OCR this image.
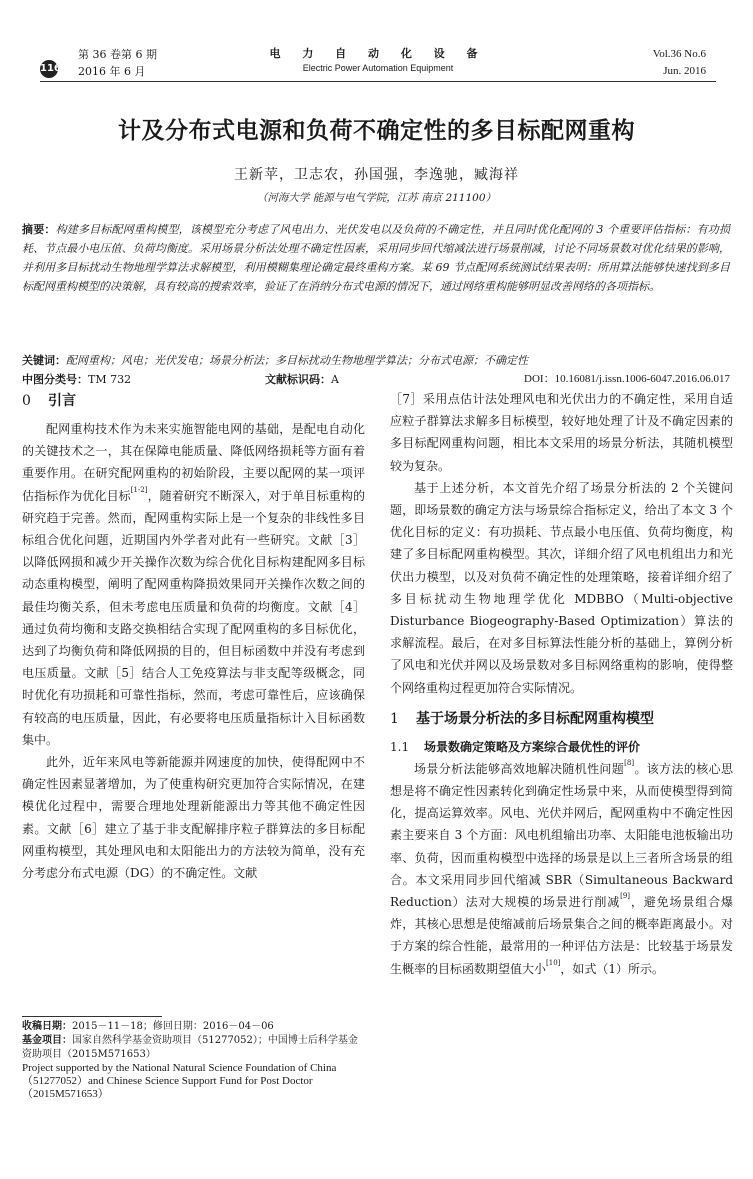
116
第 36 卷第 6 期
2016 年 6 月
电 力 自 动 化 设 备
Electric Power Automation Equipment
Vol.36 No.6
Jun. 2016
计及分布式电源和负荷不确定性的多目标配网重构
王新苹，卫志农，孙国强，李逸驰，臧海祥
（河海大学 能源与电气学院，江苏 南京 211100）
摘要：构建多目标配网重构模型，该模型充分考虑了风电出力、光伏发电以及负荷的不确定性，并且同时优化配网的 3 个重要评估指标：有功损耗、节点最小电压值、负荷均衡度。采用场景分析法处理不确定性因素，采用同步回代缩减法进行场景削减，讨论不同场景数对优化结果的影响，并利用多目标扰动生物地理学算法求解模型，利用模糊集理论确定最终重构方案。某 69 节点配网系统测试结果表明：所用算法能够快速找到多目标配网重构模型的决策解，具有较高的搜索效率，验证了在消纳分布式电源的情况下，通过网络重构能够明显改善网络的各项指标。
关键词：配网重构；风电；光伏发电；场景分析法；多目标扰动生物地理学算法；分布式电源；不确定性
中图分类号：TM 732	文献标识码：A	DOI：10.16081/j.issn.1006-6047.2016.06.017
0 引言

配网重构技术作为未来实施智能电网的基础，是配电自动化的关键技术之一，其在保障电能质量、降低网络损耗等方面有着重要作用。在研究配网重构的初始阶段，主要以配网的某一项评估指标作为优化目标[1-2]，随着研究不断深入，对于单目标重构的研究趋于完善。然而，配网重构实际上是一个复杂的非线性多目标组合优化问题，近期国内外学者对此有一些研究。文献［3］以降低网损和减少开关操作次数为综合优化目标构建配网多目标动态重构模型，阐明了配网重构降损效果同开关操作次数之间的最佳均衡关系，但未考虑电压质量和负荷的均衡度。文献［4］通过负荷均衡和支路交换相结合实现了配网重构的多目标优化，达到了均衡负荷和降低网损的目的，但目标函数中并没有考虑到电压质量。文献［5］结合人工免疫算法与非支配等级概念，同时优化有功损耗和可靠性指标，然而，考虑可靠性后，应该确保有较高的电压质量，因此，有必要将电压质量指标计入目标函数集中。

此外，近年来风电等新能源并网速度的加快，使得配网中不确定性因素显著增加，为了使重构研究更加符合实际情况，在建模优化过程中，需要合理地处理新能源出力等其他不确定性因素。文献［6］建立了基于非支配解排序粒子群算法的多目标配网重构模型，其处理风电和太阳能出力的方法较为简单，没有充分考虑分布式电源（DG）的不确定性。文献

［7］采用点估计法处理风电和光伏出力的不确定性，采用自适应粒子群算法求解多目标模型，较好地处理了计及不确定因素的多目标配网重构问题，相比本文采用的场景分析法，其随机模型较为复杂。

基于上述分析，本文首先介绍了场景分析法的 2 个关键问题，即场景数的确定方法与场景综合指标定义，给出了本文 3 个优化目标的定义：有功损耗、节点最小电压值、负荷均衡度，构建了多目标配网重构模型。其次，详细介绍了风电机组出力和光伏出力模型，以及对负荷不确定性的处理策略，接着详细介绍了多目标扰动生物地理学优化 MDBBO（Multi-objective Disturbance Biogeography-Based Optimization）算法的求解流程。最后，在对多目标算法性能分析的基础上，算例分析了风电和光伏并网以及场景数对多目标网络重构的影响，使得整个网络重构过程更加符合实际情况。

1 基于场景分析法的多目标配网重构模型
1.1 场景数确定策略及方案综合最优性的评价

场景分析法能够高效地解决随机性问题[8]。该方法的核心思想是将不确定性因素转化到确定性场景中来，从而使模型得到简化，提高运算效率。风电、光伏并网后，配网重构中不确定性因素主要来自 3 个方面：风电机组输出功率、太阳能电池板输出功率、负荷，因而重构模型中选择的场景是以上三者所含场景的组合。本文采用同步回代缩减 SBR（Simultaneous Backward Reduction）法对大规模的场景进行削减[9]，避免场景组合爆炸，其核心思想是使缩减前后场景集合之间的概率距离最小。对于方案的综合性能，最常用的一种评估方法是：比较基于场景发生概率的目标函数期望值大小[10]，如式（1）所示。

收稿日期：2015－11－18；修回日期：2016－04－06

基金项目：国家自然科学基金资助项目（51277052）；中国博士后科学基金资助项目（2015M571653）

Project supported by the National Natural Science Foundation of China（51277052）and Chinese Science Support Fund for Post Doctor（2015M571653）
